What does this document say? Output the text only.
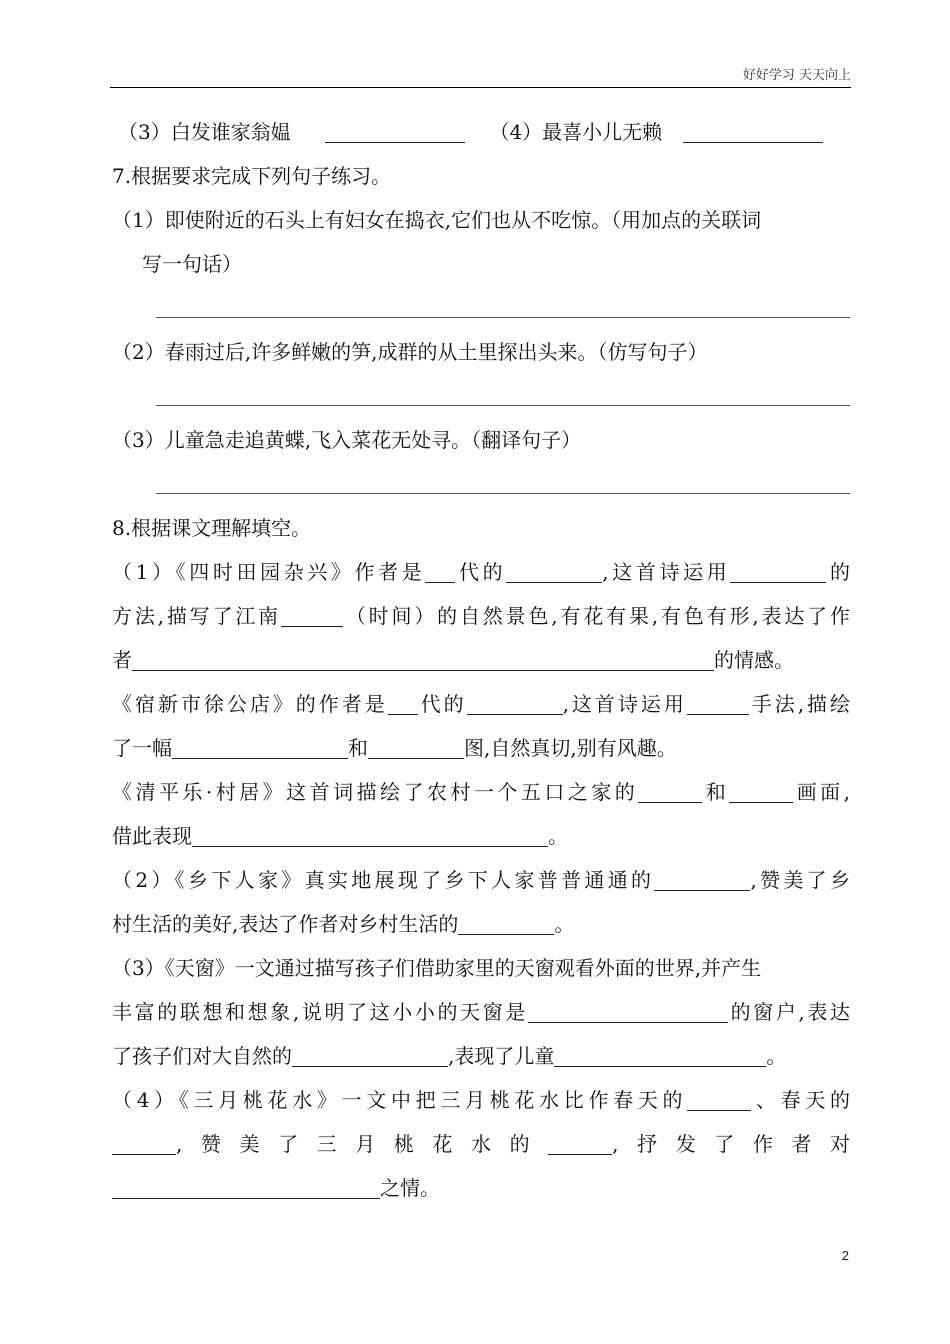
好好学习 天天向上
（3）白发谁家翁媪	（4）最喜小儿无赖
7.根据要求完成下列句子练习。
（1）即使附近的石头上有妇女在捣衣,它们也从不吃惊。（用加点的关联词
写一句话）
（2）春雨过后,许多鲜嫩的笋,成群的从土里探出头来。（仿写句子）
（3）儿童急走追黄蝶,飞入菜花无处寻。（翻译句子）
8.根据课文理解填空。
（1）《四时田园杂兴》作者是 代的	,这首诗运用	的
方法,描写了江南	（时间）的自然景色,有花有果,有色有形,表达了作
者	的情感。
《宿新市徐公店》的作者是 代的	,这首诗运用	手法,描绘
了一幅	和	图,自然真切,别有风趣。
《清平乐·村居》这首词描绘了农村一个五口之家的	和	画面,
借此表现	。
（2）《乡下人家》真实地展现了乡下人家普普通通的	,赞美了乡
村生活的美好,表达了作者对乡村生活的	。
（3）《天窗》一文通过描写孩子们借助家里的天窗观看外面的世界,并产生
丰富的联想和想象,说明了这小小的天窗是	的窗户,表达
了孩子们对大自然的	,表现了儿童	。
（4）《三月桃花水》一文中把三月桃花水比作春天的	、春天的
,赞美了三月桃花水的	,抒发了作者对
之情。
2
